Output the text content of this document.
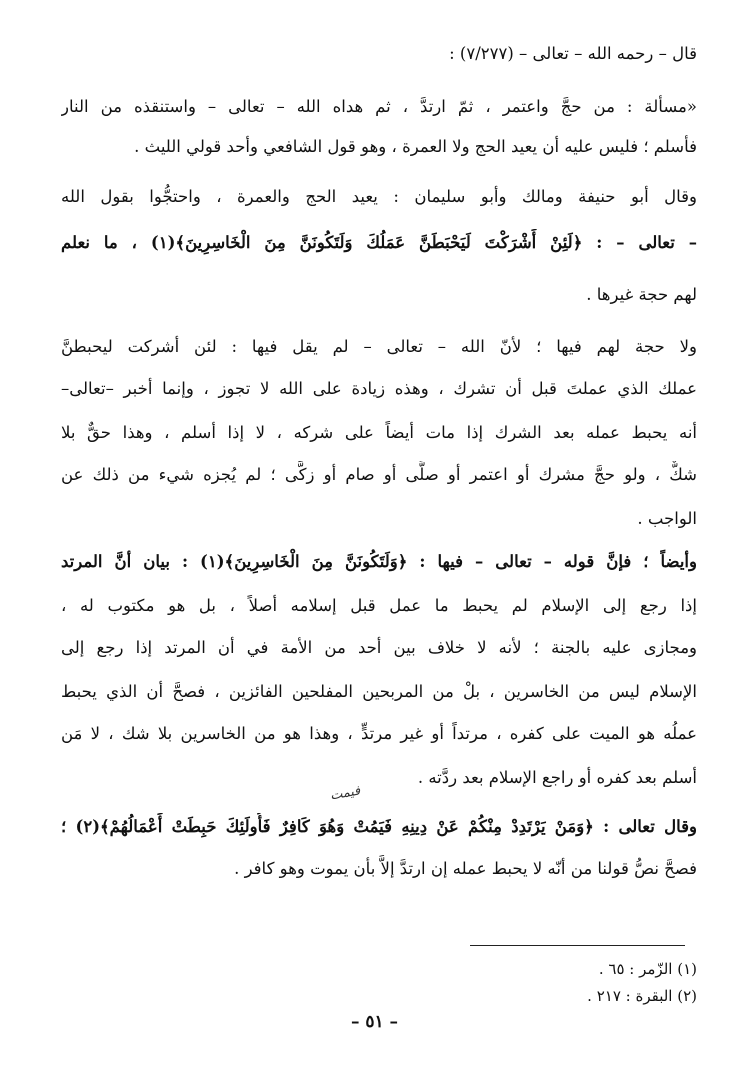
قال – رحمه الله – تعالى – (٧/٢٧٧) :
«مسألة : من حجَّ واعتمر ، ثمّ ارتدَّ ، ثم هداه الله – تعالى – واستنقذه من النار
فأسلم ؛ فليس عليه أن يعيد الحج ولا العمرة ، وهو قول الشافعي وأحد قولي الليث .
وقال أبو حنيفة ومالك وأبو سليمان : يعيد الحج والعمرة ، واحتجُّوا بقول الله
– تعالى – : ﴿لَئِنْ أَشْرَكْتَ لَيَحْبَطَنَّ عَمَلُكَ وَلَتَكُونَنَّ مِنَ الْخَاسِرِينَ﴾(١) ، ما نعلم
لهم حجة غيرها .
ولا حجة لهم فيها ؛ لأنّ الله – تعالى – لم يقل فيها : لئن أشركت ليحبطنَّ
عملك الذي عملتَ قبل أن تشرك ، وهذه زيادة على الله لا تجوز ، وإنما أخبر –تعالى–
أنه يحبط عمله بعد الشرك إذا مات أيضاً على شركه ، لا إذا أسلم ، وهذا حقٌّ بلا
شكٌّ ، ولو حجَّ مشرك أو اعتمر أو صلَّى أو صام أو زكَّى ؛ لم يُجزه شيء من ذلك عن
الواجب .
وأيضاً ؛ فإنَّ قوله – تعالى – فيها : ﴿وَلَتَكُونَنَّ مِنَ الْخَاسِرِينَ﴾(١) : بيان أنَّ المرتد
إذا رجع إلى الإسلام لم يحبط ما عمل قبل إسلامه أصلاً ، بل هو مكتوب له ،
ومجازى عليه بالجنة ؛ لأنه لا خلاف بين أحد من الأمة في أن المرتد إذا رجع إلى
الإسلام ليس من الخاسرين ، بلْ من المربحين المفلحين الفائزين ، فصحَّ أن الذي يحبط
عملُه هو الميت على كفره ، مرتداً أو غير مرتدٍّ ، وهذا هو من الخاسرين بلا شك ، لا مَن
أسلم بعد كفره أو راجع الإسلام بعد ردَّته .
وقال تعالى : ﴿وَمَنْ يَرْتَدِدْ مِنْكُمْ عَنْ دِينِهِ فَيَمُتْ وَهُوَ كَافِرٌ فَأُولَئِكَ حَبِطَتْ أَعْمَالُهُمْ﴾(٢) ؛
فصحَّ نصُّ قولنا من أنّه لا يحبط عمله إن ارتدَّ إلاَّ بأن يموت وهو كافر .
فيمت
(١) الزّمر : ٦٥ .
(٢) البقرة : ٢١٧ .
– ٥١ –
